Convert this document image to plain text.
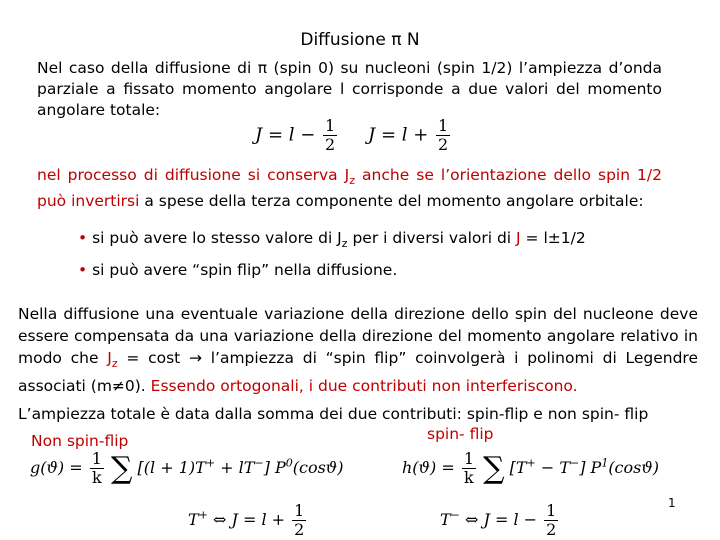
Diffusione π N
Nel caso della diffusione di π (spin 0) su nucleoni (spin 1/2) l’ampiezza d’onda parziale a fissato momento angolare l corrisponde a due valori del momento angolare totale:
$J = l - \frac{1}{2}$ $J = l + \frac{1}{2}$
nel processo di diffusione si conserva $J_z$ anche se l’orientazione dello spin 1/2 può invertirsi a spese della terza componente del momento angolare orbitale:
• si può avere lo stesso valore di $J_z$ per i diversi valori di J = l±1/2
• si può avere “spin flip” nella diffusione.
Nella diffusione una eventuale variazione della direzione dello spin del nucleone deve essere compensata da una variazione della direzione del momento angolare relativo in modo che $J_z = \cos t$ → l’ampiezza di “spin flip” coinvolgerà i polinomi di Legendre associati (m≠0). Essendo ortogonali, i due contributi non interferiscono.
L’ampiezza totale è data dalla somma dei due contributi: spin-flip e non spin- flip
Non spin-flip	spin- flip
$g(ϑ) = \frac{1}{k}$ ∑ [(l + 1)T+ + lT−] $P^0(\cos ϑ)$	$h(ϑ) = \frac{1}{k}$ ∑ [T+ − T−] $P^1(\cos ϑ)$
T+ ⇔ $J = l + \frac{1}{2}$	T− ⇔ $J = l - \frac{1}{2}$	1
